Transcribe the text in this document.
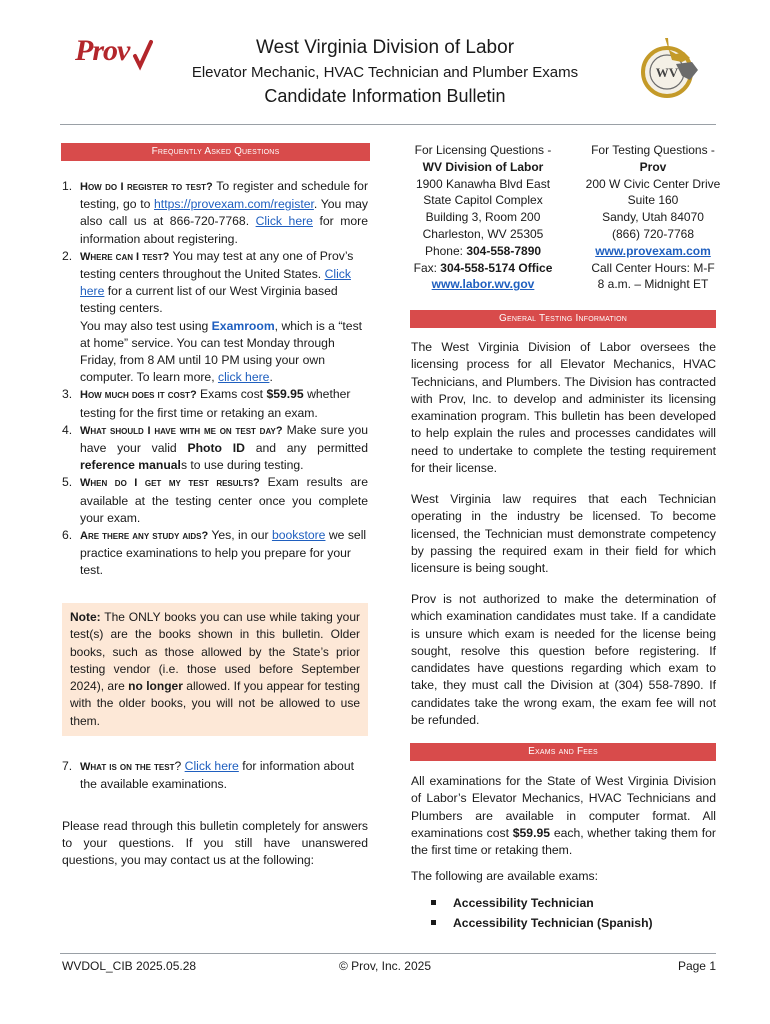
Prov	West Virginia Division of Labor
Elevator Mechanic, HVAC Technician and Plumber Exams
Candidate Information Bulletin
WV
Frequently Asked Questions
1. How do I register to test? To register and schedule for testing, go to https://provexam.com/register. You may also call us at 866-720-7768. Click here for more information about registering.
2. Where can I test? You may test at any one of Prov’s testing centers throughout the United States. Click here for a current list of our West Virginia based testing centers.
You may also test using Examroom, which is a “test at home” service. You can test Monday through Friday, from 8 AM until 10 PM using your own computer. To learn more, click here.
3. How much does it cost? Exams cost $59.95 whether testing for the first time or retaking an exam.
4. What should I have with me on test day? Make sure you have your valid Photo ID and any permitted reference manuals to use during testing.
5. When do I get my test results? Exam results are available at the testing center once you complete your exam.
6. Are there any study aids? Yes, in our bookstore we sell practice examinations to help you prepare for your test.
Note: The ONLY books you can use while taking your test(s) are the books shown in this bulletin. Older books, such as those allowed by the State’s prior testing vendor (i.e. those used before September 2024), are no longer allowed. If you appear for testing with the older books, you will not be allowed to use them.
7. What is on the test? Click here for information about the available examinations.
Please read through this bulletin completely for answers to your questions. If you still have unanswered questions, you may contact us at the following:
For Licensing Questions -
WV Division of Labor
1900 Kanawha Blvd East
State Capitol Complex
Building 3, Room 200
Charleston, WV 25305
Phone: 304-558-7890
Fax: 304-558-5174 Office
www.labor.wv.gov
For Testing Questions -
Prov
200 W Civic Center Drive
Suite 160
Sandy, Utah 84070
(866) 720-7768
www.provexam.com
Call Center Hours: M-F
8 a.m. – Midnight ET
General Testing Information
The West Virginia Division of Labor oversees the licensing process for all Elevator Mechanics, HVAC Technicians, and Plumbers. The Division has contracted with Prov, Inc. to develop and administer its licensing examination program. This bulletin has been developed to help explain the rules and processes candidates will need to undertake to complete the testing requirement for their license.
West Virginia law requires that each Technician operating in the industry be licensed. To become licensed, the Technician must demonstrate competency by passing the required exam in their field for which licensure is being sought.
Prov is not authorized to make the determination of which examination candidates must take. If a candidate is unsure which exam is needed for the license being sought, resolve this question before registering. If candidates have questions regarding which exam to take, they must call the Division at (304) 558-7890. If candidates take the wrong exam, the exam fee will not be refunded.
Exams and Fees
All examinations for the State of West Virginia Division of Labor’s Elevator Mechanics, HVAC Technicians and Plumbers are available in computer format. All examinations cost $59.95 each, whether taking them for the first time or retaking them.
The following are available exams:
Accessibility Technician
Accessibility Technician (Spanish)
WVDOL_CIB 2025.05.28	© Prov, Inc. 2025	Page 1
